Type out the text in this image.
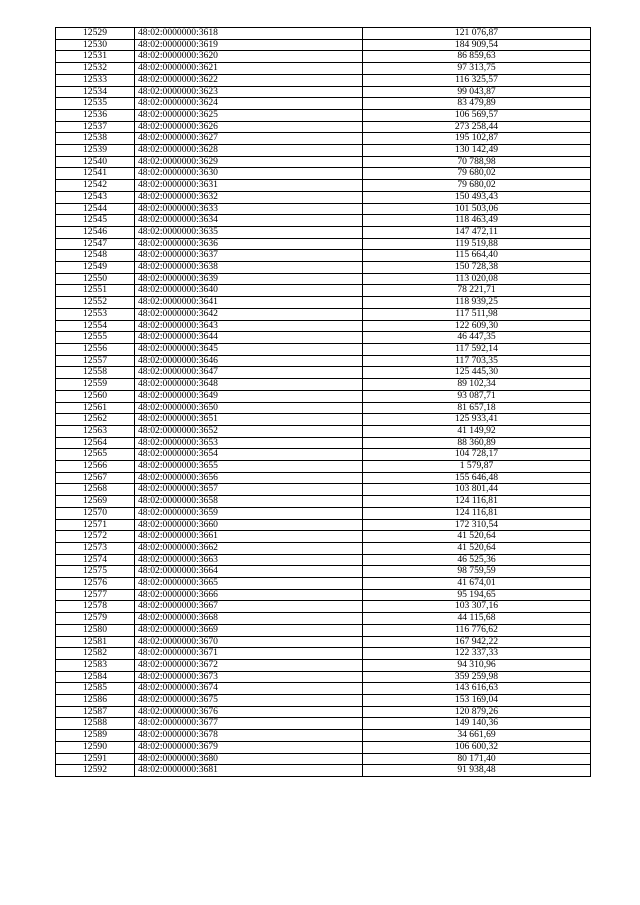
12529	48:02:0000000:3618	121 076,87
12530	48:02:0000000:3619	184 909,54
12531	48:02:0000000:3620	86 859,63
12532	48:02:0000000:3621	97 313,75
12533	48:02:0000000:3622	116 325,57
12534	48:02:0000000:3623	99 043,87
12535	48:02:0000000:3624	83 479,89
12536	48:02:0000000:3625	106 569,57
12537	48:02:0000000:3626	273 258,44
12538	48:02:0000000:3627	195 102,87
12539	48:02:0000000:3628	130 142,49
12540	48:02:0000000:3629	70 788,98
12541	48:02:0000000:3630	79 680,02
12542	48:02:0000000:3631	79 680,02
12543	48:02:0000000:3632	150 493,43
12544	48:02:0000000:3633	101 503,06
12545	48:02:0000000:3634	118 463,49
12546	48:02:0000000:3635	147 472,11
12547	48:02:0000000:3636	119 519,88
12548	48:02:0000000:3637	115 664,40
12549	48:02:0000000:3638	150 728,38
12550	48:02:0000000:3639	113 020,08
12551	48:02:0000000:3640	78 221,71
12552	48:02:0000000:3641	118 939,25
12553	48:02:0000000:3642	117 511,98
12554	48:02:0000000:3643	122 609,30
12555	48:02:0000000:3644	46 447,35
12556	48:02:0000000:3645	117 592,14
12557	48:02:0000000:3646	117 703,35
12558	48:02:0000000:3647	125 445,30
12559	48:02:0000000:3648	89 102,34
12560	48:02:0000000:3649	93 087,71
12561	48:02:0000000:3650	81 657,18
12562	48:02:0000000:3651	125 933,41
12563	48:02:0000000:3652	41 149,92
12564	48:02:0000000:3653	88 360,89
12565	48:02:0000000:3654	104 728,17
12566	48:02:0000000:3655	1 579,87
12567	48:02:0000000:3656	155 646,48
12568	48:02:0000000:3657	103 801,44
12569	48:02:0000000:3658	124 116,81
12570	48:02:0000000:3659	124 116,81
12571	48:02:0000000:3660	172 310,54
12572	48:02:0000000:3661	41 520,64
12573	48:02:0000000:3662	41 520,64
12574	48:02:0000000:3663	46 525,36
12575	48:02:0000000:3664	98 759,59
12576	48:02:0000000:3665	41 674,01
12577	48:02:0000000:3666	95 194,65
12578	48:02:0000000:3667	103 307,16
12579	48:02:0000000:3668	44 115,68
12580	48:02:0000000:3669	116 776,62
12581	48:02:0000000:3670	167 942,22
12582	48:02:0000000:3671	122 337,33
12583	48:02:0000000:3672	94 310,96
12584	48:02:0000000:3673	359 259,98
12585	48:02:0000000:3674	143 616,63
12586	48:02:0000000:3675	153 169,04
12587	48:02:0000000:3676	120 879,26
12588	48:02:0000000:3677	149 140,36
12589	48:02:0000000:3678	34 661,69
12590	48:02:0000000:3679	106 600,32
12591	48:02:0000000:3680	80 171,40
12592	48:02:0000000:3681	91 938,48
